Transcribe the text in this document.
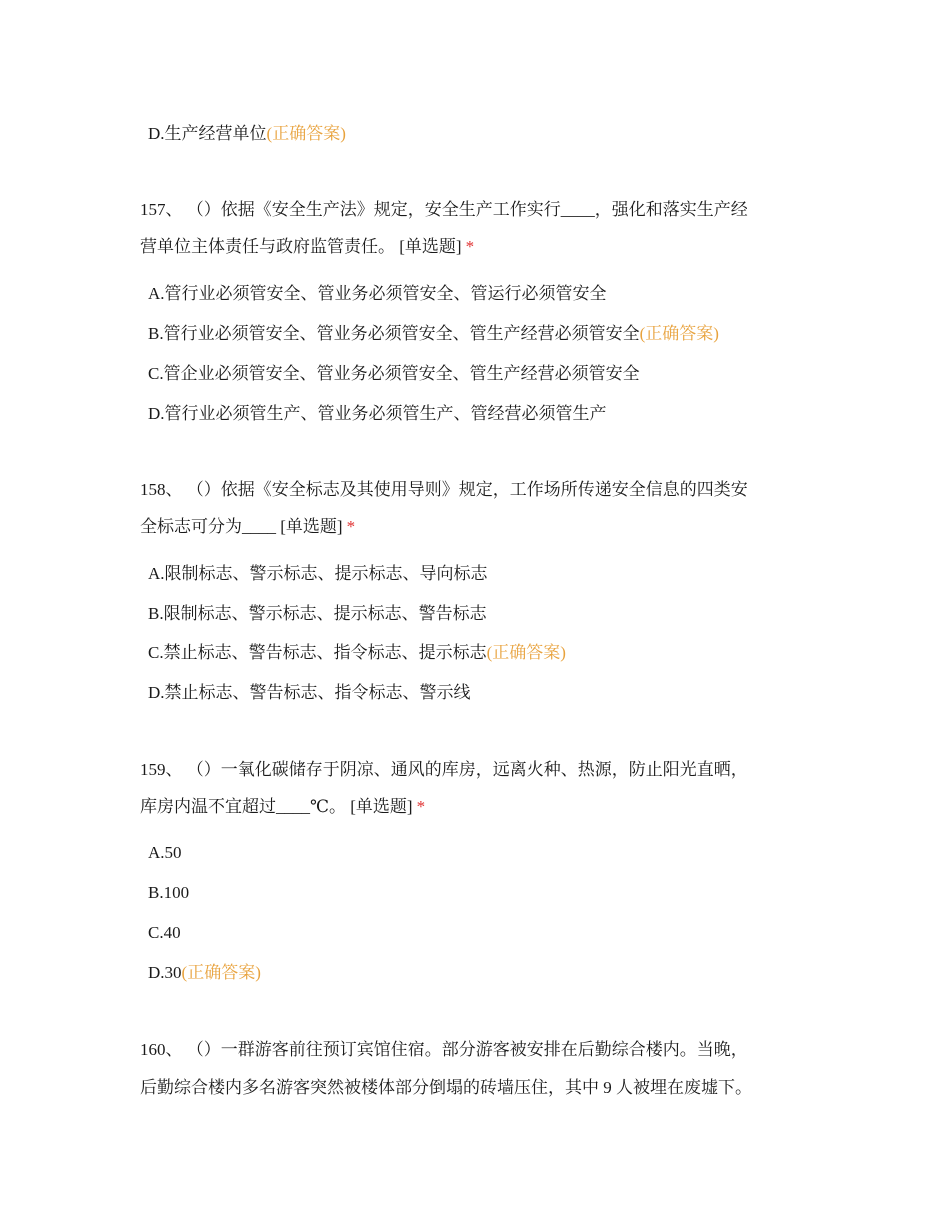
D.生产经营单位(正确答案)
157、 （）依据《安全生产法》规定，安全生产工作实行____，强化和落实生产经
营单位主体责任与政府监管责任。 [单选题] *
A.管行业必须管安全、管业务必须管安全、管运行必须管安全
B.管行业必须管安全、管业务必须管安全、管生产经营必须管安全(正确答案)
C.管企业必须管安全、管业务必须管安全、管生产经营必须管安全
D.管行业必须管生产、管业务必须管生产、管经营必须管生产
158、 （）依据《安全标志及其使用导则》规定，工作场所传递安全信息的四类安
全标志可分为____ [单选题] *
A.限制标志、警示标志、提示标志、导向标志
B.限制标志、警示标志、提示标志、警告标志
C.禁止标志、警告标志、指令标志、提示标志(正确答案)
D.禁止标志、警告标志、指令标志、警示线
159、 （）一氧化碳储存于阴凉、通风的库房，远离火种、热源，防止阳光直晒，
库房内温不宜超过____℃。 [单选题] *
A.50
B.100
C.40
D.30(正确答案)
160、 （）一群游客前往预订宾馆住宿。部分游客被安排在后勤综合楼内。当晚，
后勤综合楼内多名游客突然被楼体部分倒塌的砖墙压住，其中 9 人被埋在废墟下。
